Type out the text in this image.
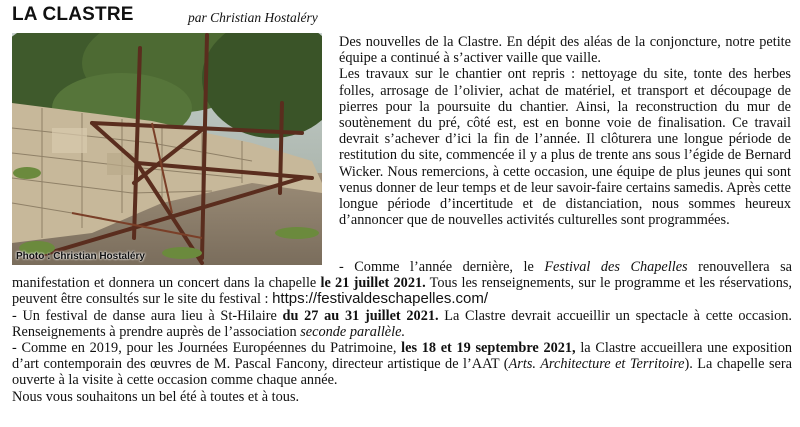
LA CLASTRE	par Christian Hostaléry
Photo : Christian Hostaléry

Des nouvelles de la Clastre. En dépit des aléas de la conjoncture, notre petite équipe a continué à s’activer vaille que vaille.

Les travaux sur le chantier ont repris : nettoyage du site, tonte des herbes folles, arrosage de l’olivier, achat de matériel, et transport et découpage de pierres pour la poursuite du chantier. Ainsi, la reconstruction du mur de soutènement du pré, côté est, est en bonne voie de finalisation. Ce travail devrait s’achever d’ici la fin de l’année. Il clôturera une longue période de restitution du site, commencée il y a plus de trente ans sous l’égide de Bernard Wicker. Nous remercions, à cette occasion, une équipe de plus jeunes qui sont venus donner de leur temps et de leur savoir-faire certains samedis. Après cette longue période d’incertitude et de distanciation, nous sommes heureux d’annoncer que de nouvelles activités culturelles sont programmées.

- Comme l’année dernière, le Festival des Chapelles renouvellera sa manifestation et donnera un concert dans la chapelle le 21 juillet 2021. Tous les renseignements, sur le programme et les réservations, peuvent être consultés sur le site du festival : https://festivaldeschapelles.com/

- Un festival de danse aura lieu à St-Hilaire du 27 au 31 juillet 2021. La Clastre devrait accueillir un spectacle à cette occasion. Renseignements à prendre auprès de l’association seconde parallèle.

- Comme en 2019, pour les Journées Européennes du Patrimoine, les 18 et 19 septembre 2021, la Clastre accueillera une exposition d’art contemporain des œuvres de M. Pascal Fancony, directeur artistique de l’AAT (Arts. Architecture et Territoire). La chapelle sera ouverte à la visite à cette occasion comme chaque année.

Nous vous souhaitons un bel été à toutes et à tous.
